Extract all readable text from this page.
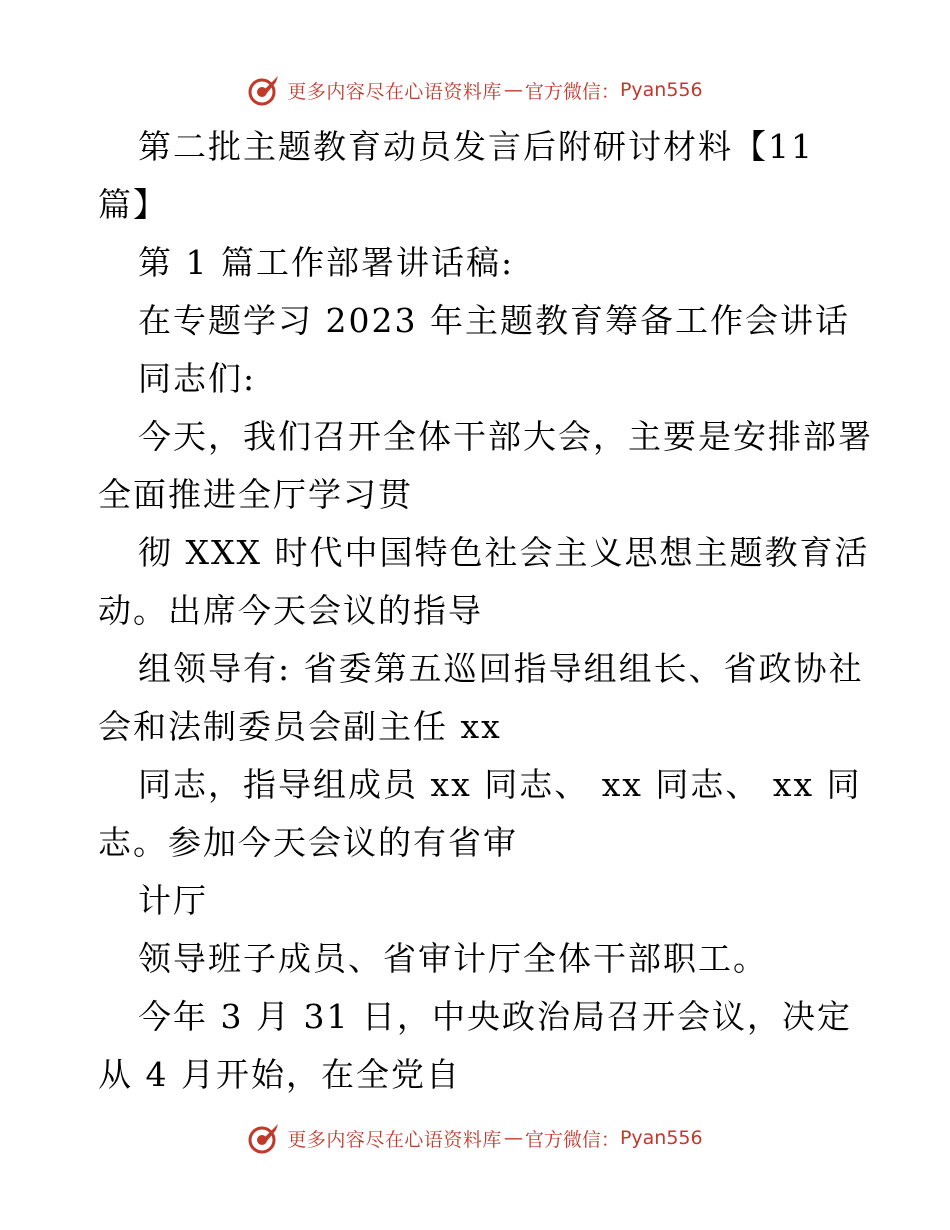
更多内容尽在心语资料库 — 官方微信： Pyan556
第二批主题教育动员发言后附研讨材料【11
篇】
第 1 篇工作部署讲话稿:
在专题学习 2023 年主题教育筹备工作会讲话
同志们:
今天，我们召开全体干部大会，主要是安排部署
全面推进全厅学习贯
彻 XXX 时代中国特色社会主义思想主题教育活
动。出席今天会议的指导
组领导有: 省委第五巡回指导组组长、省政协社
会和法制委员会副主任 xx
同志，指导组成员 xx 同志、 xx 同志、 xx 同
志。参加今天会议的有省审
计厅
领导班子成员、省审计厅全体干部职工。
今年 3 月 31 日，中央政治局召开会议，决定
从 4 月开始，在全党自
更多内容尽在心语资料库 — 官方微信： Pyan556
